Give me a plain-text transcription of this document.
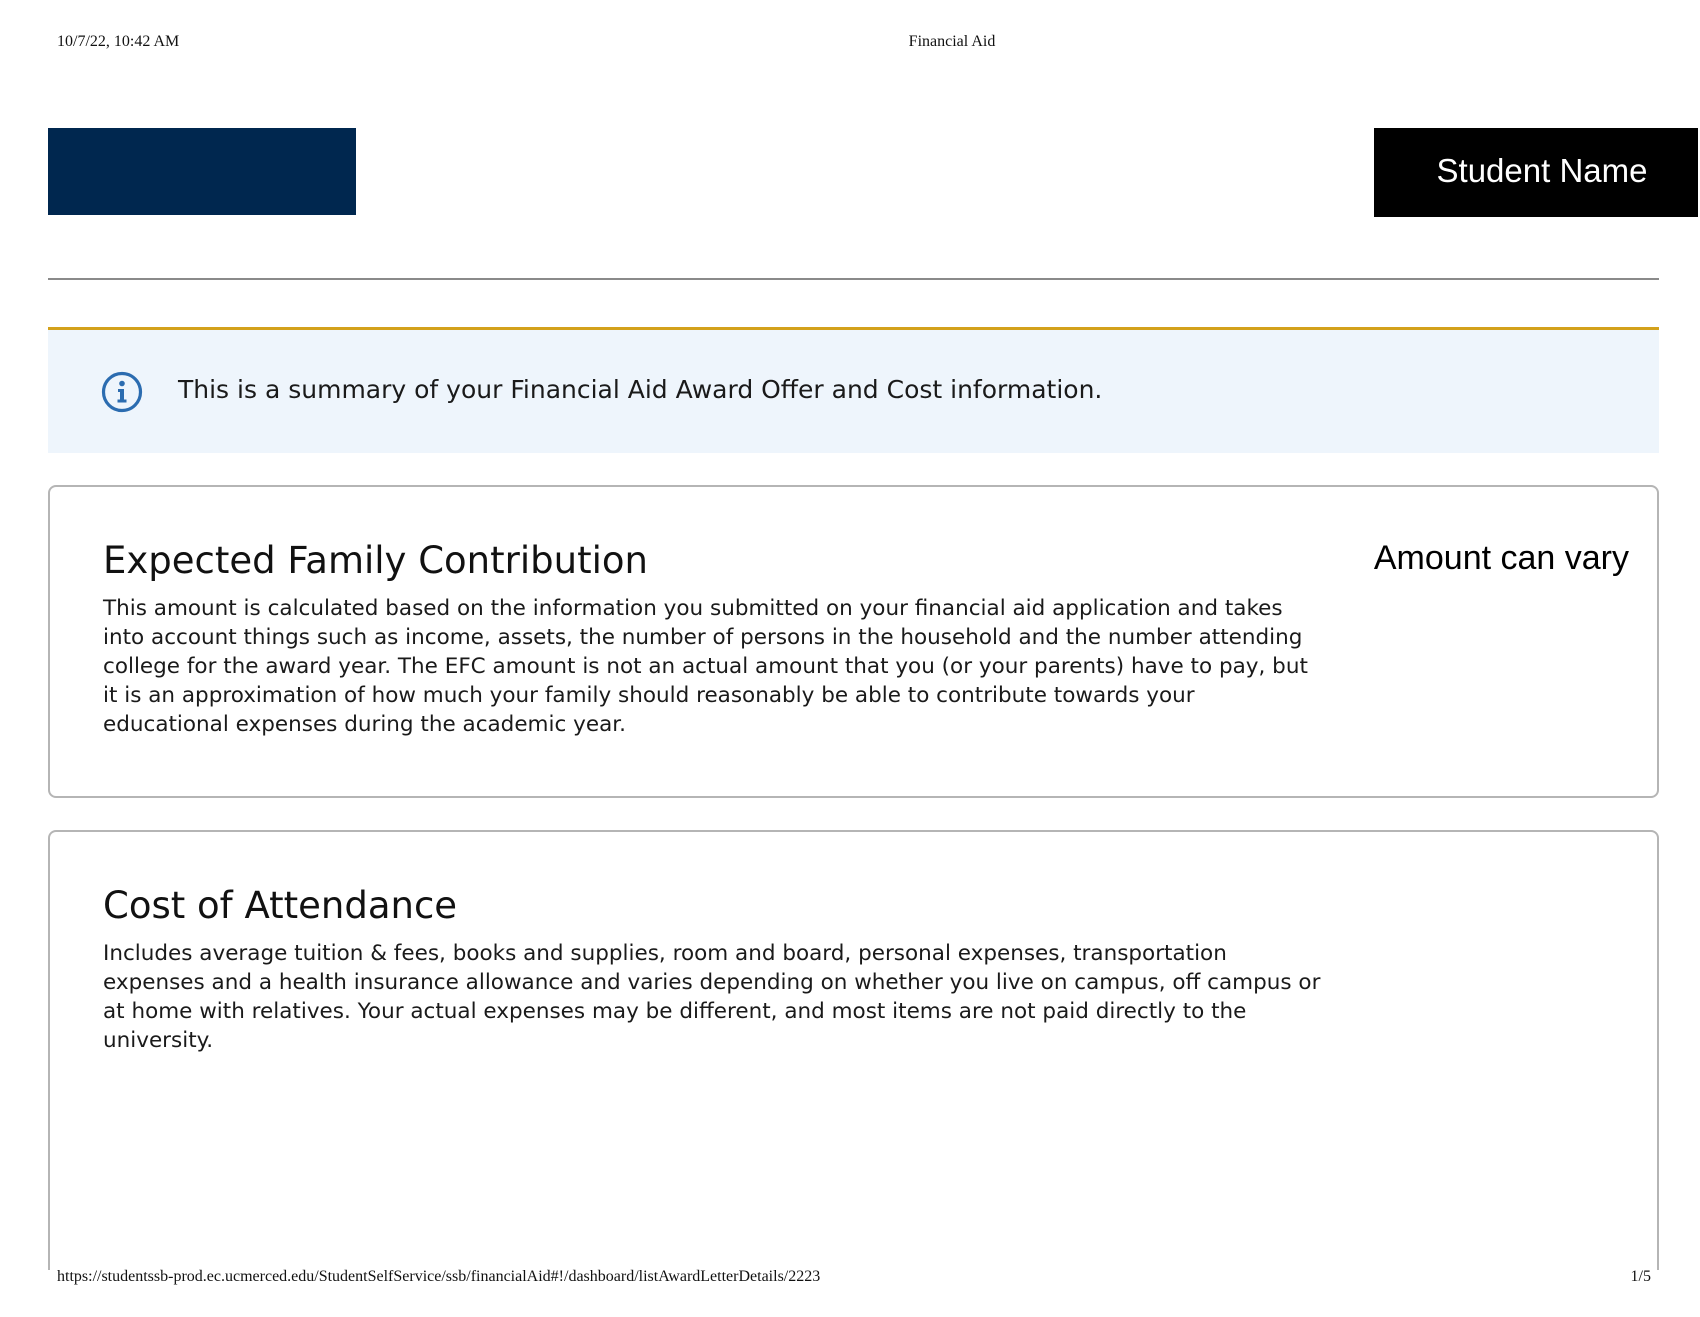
10/7/22, 10:42 AM	Financial Aid
Student Name
This is a summary of your Financial Aid Award Offer and Cost information.
Expected Family Contribution	Amount can vary

This amount is calculated based on the information you submitted on your financial aid application and takes into account things such as income, assets, the number of persons in the household and the number attending college for the award year. The EFC amount is not an actual amount that you (or your parents) have to pay, but it is an approximation of how much your family should reasonably be able to contribute towards your educational expenses during the academic year.

Cost of Attendance

Includes average tuition & fees, books and supplies, room and board, personal expenses, transportation expenses and a health insurance allowance and varies depending on whether you live on campus, off campus or at home with relatives. Your actual expenses may be different, and most items are not paid directly to the university.

https://studentssb-prod.ec.ucmerced.edu/StudentSelfService/ssb/financialAid#!/dashboard/listAwardLetterDetails/2223	1/5
